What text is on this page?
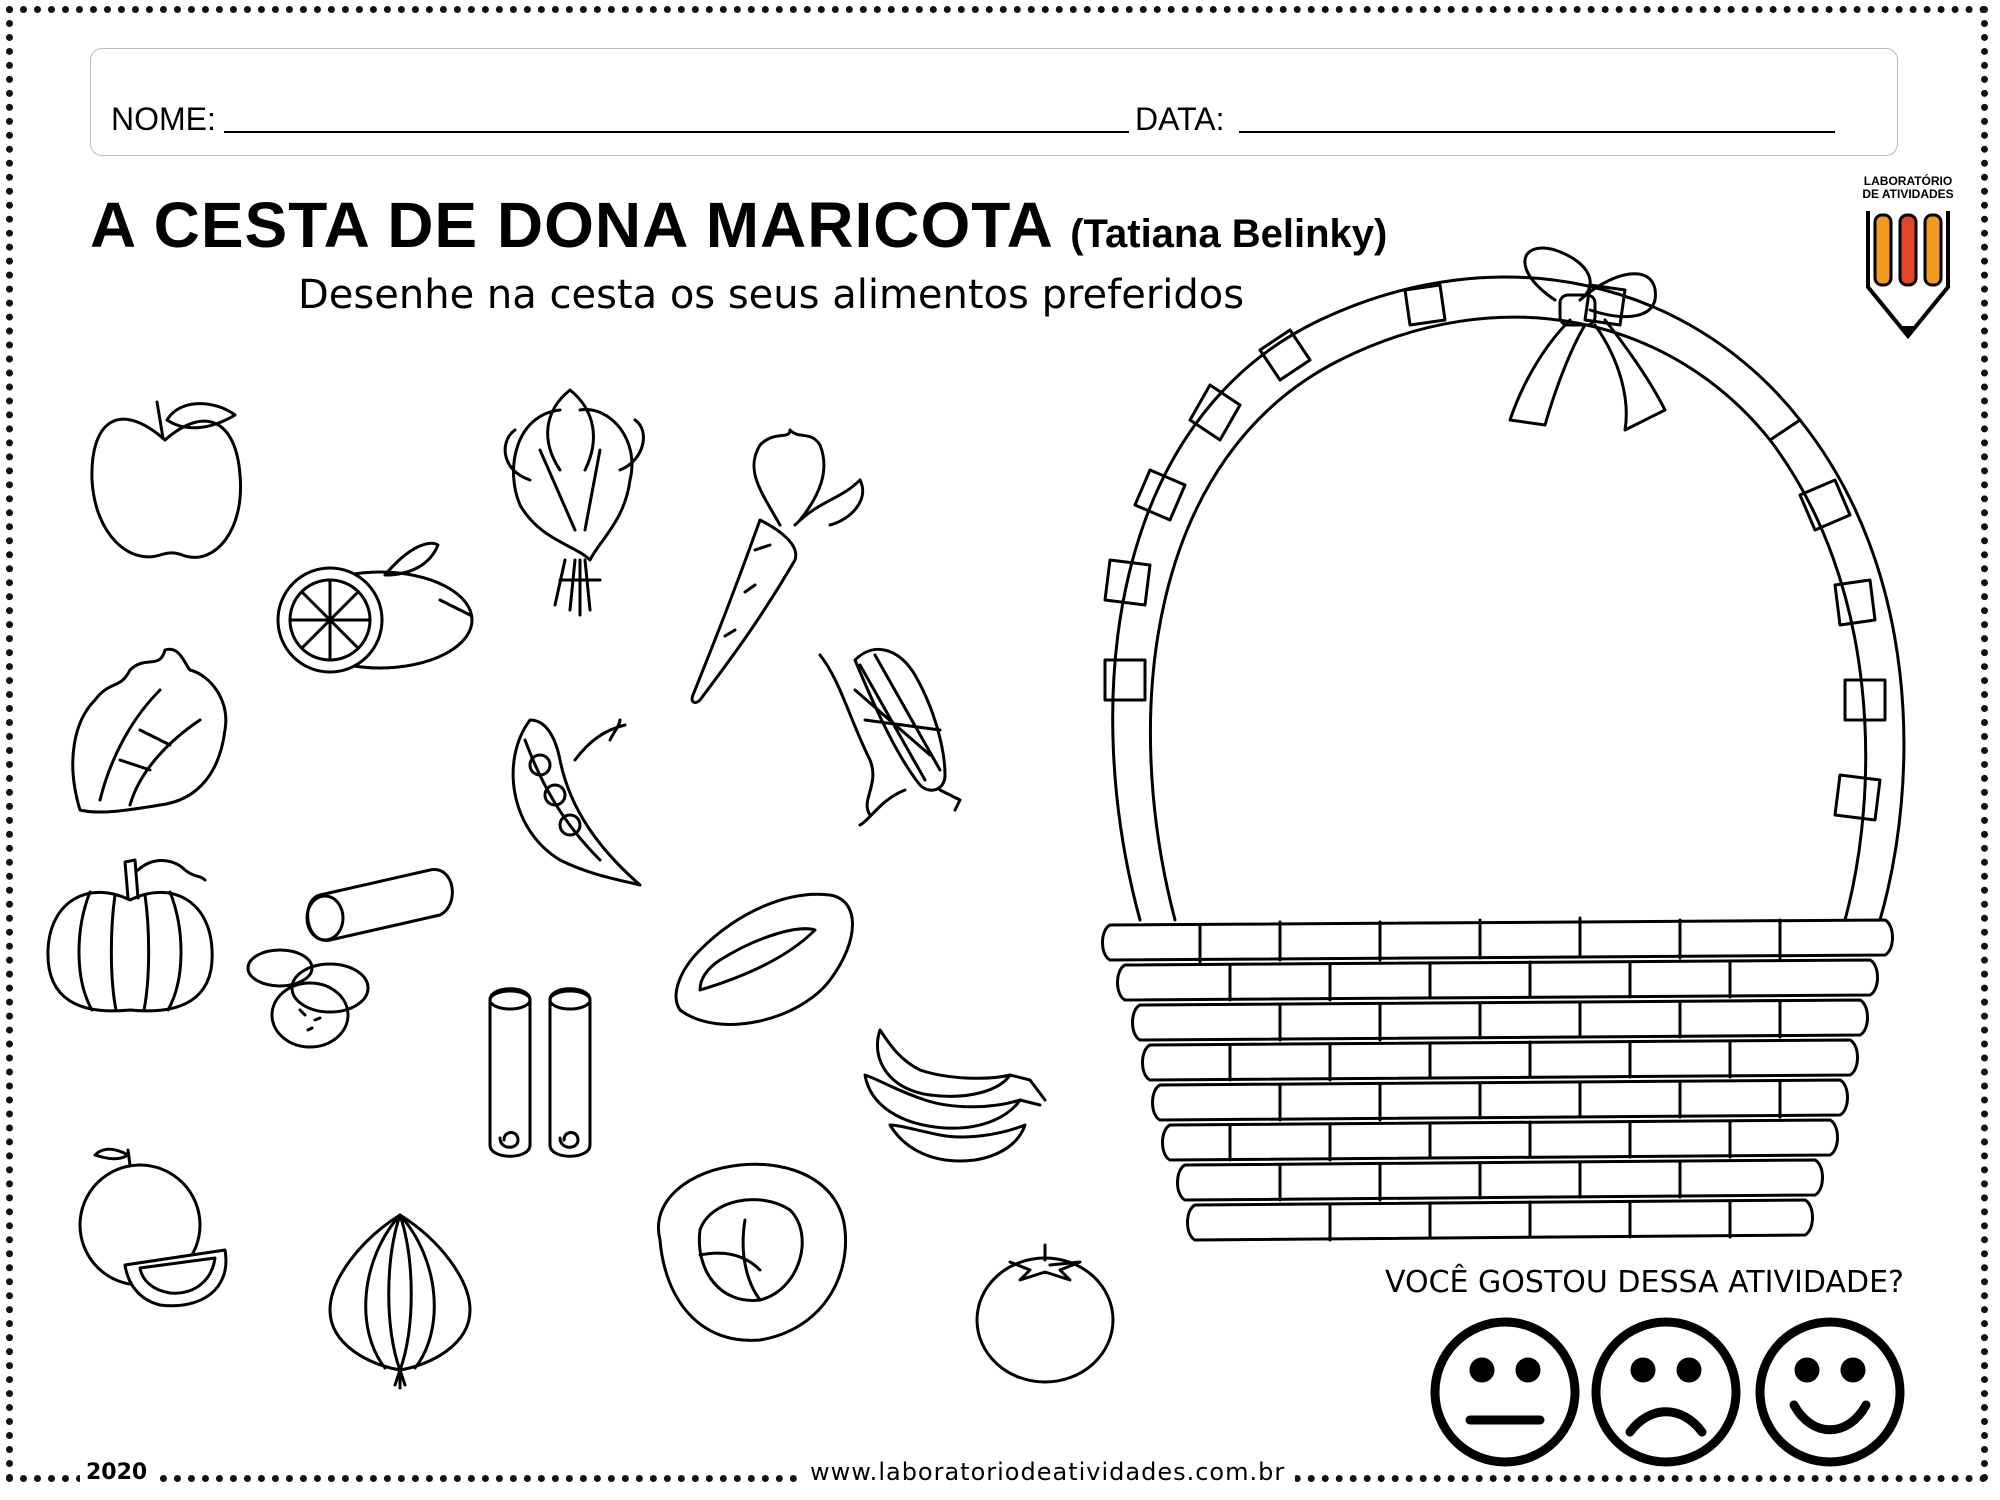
NOME:	DATA:
A CESTA DE DONA MARICOTA (Tatiana Belinky)
Desenhe na cesta os seus alimentos preferidos
LABORATÓRIO
DE ATIVIDADES
VOCÊ GOSTOU DESSA ATIVIDADE?
2020	www.laboratoriodeatividades.com.br
